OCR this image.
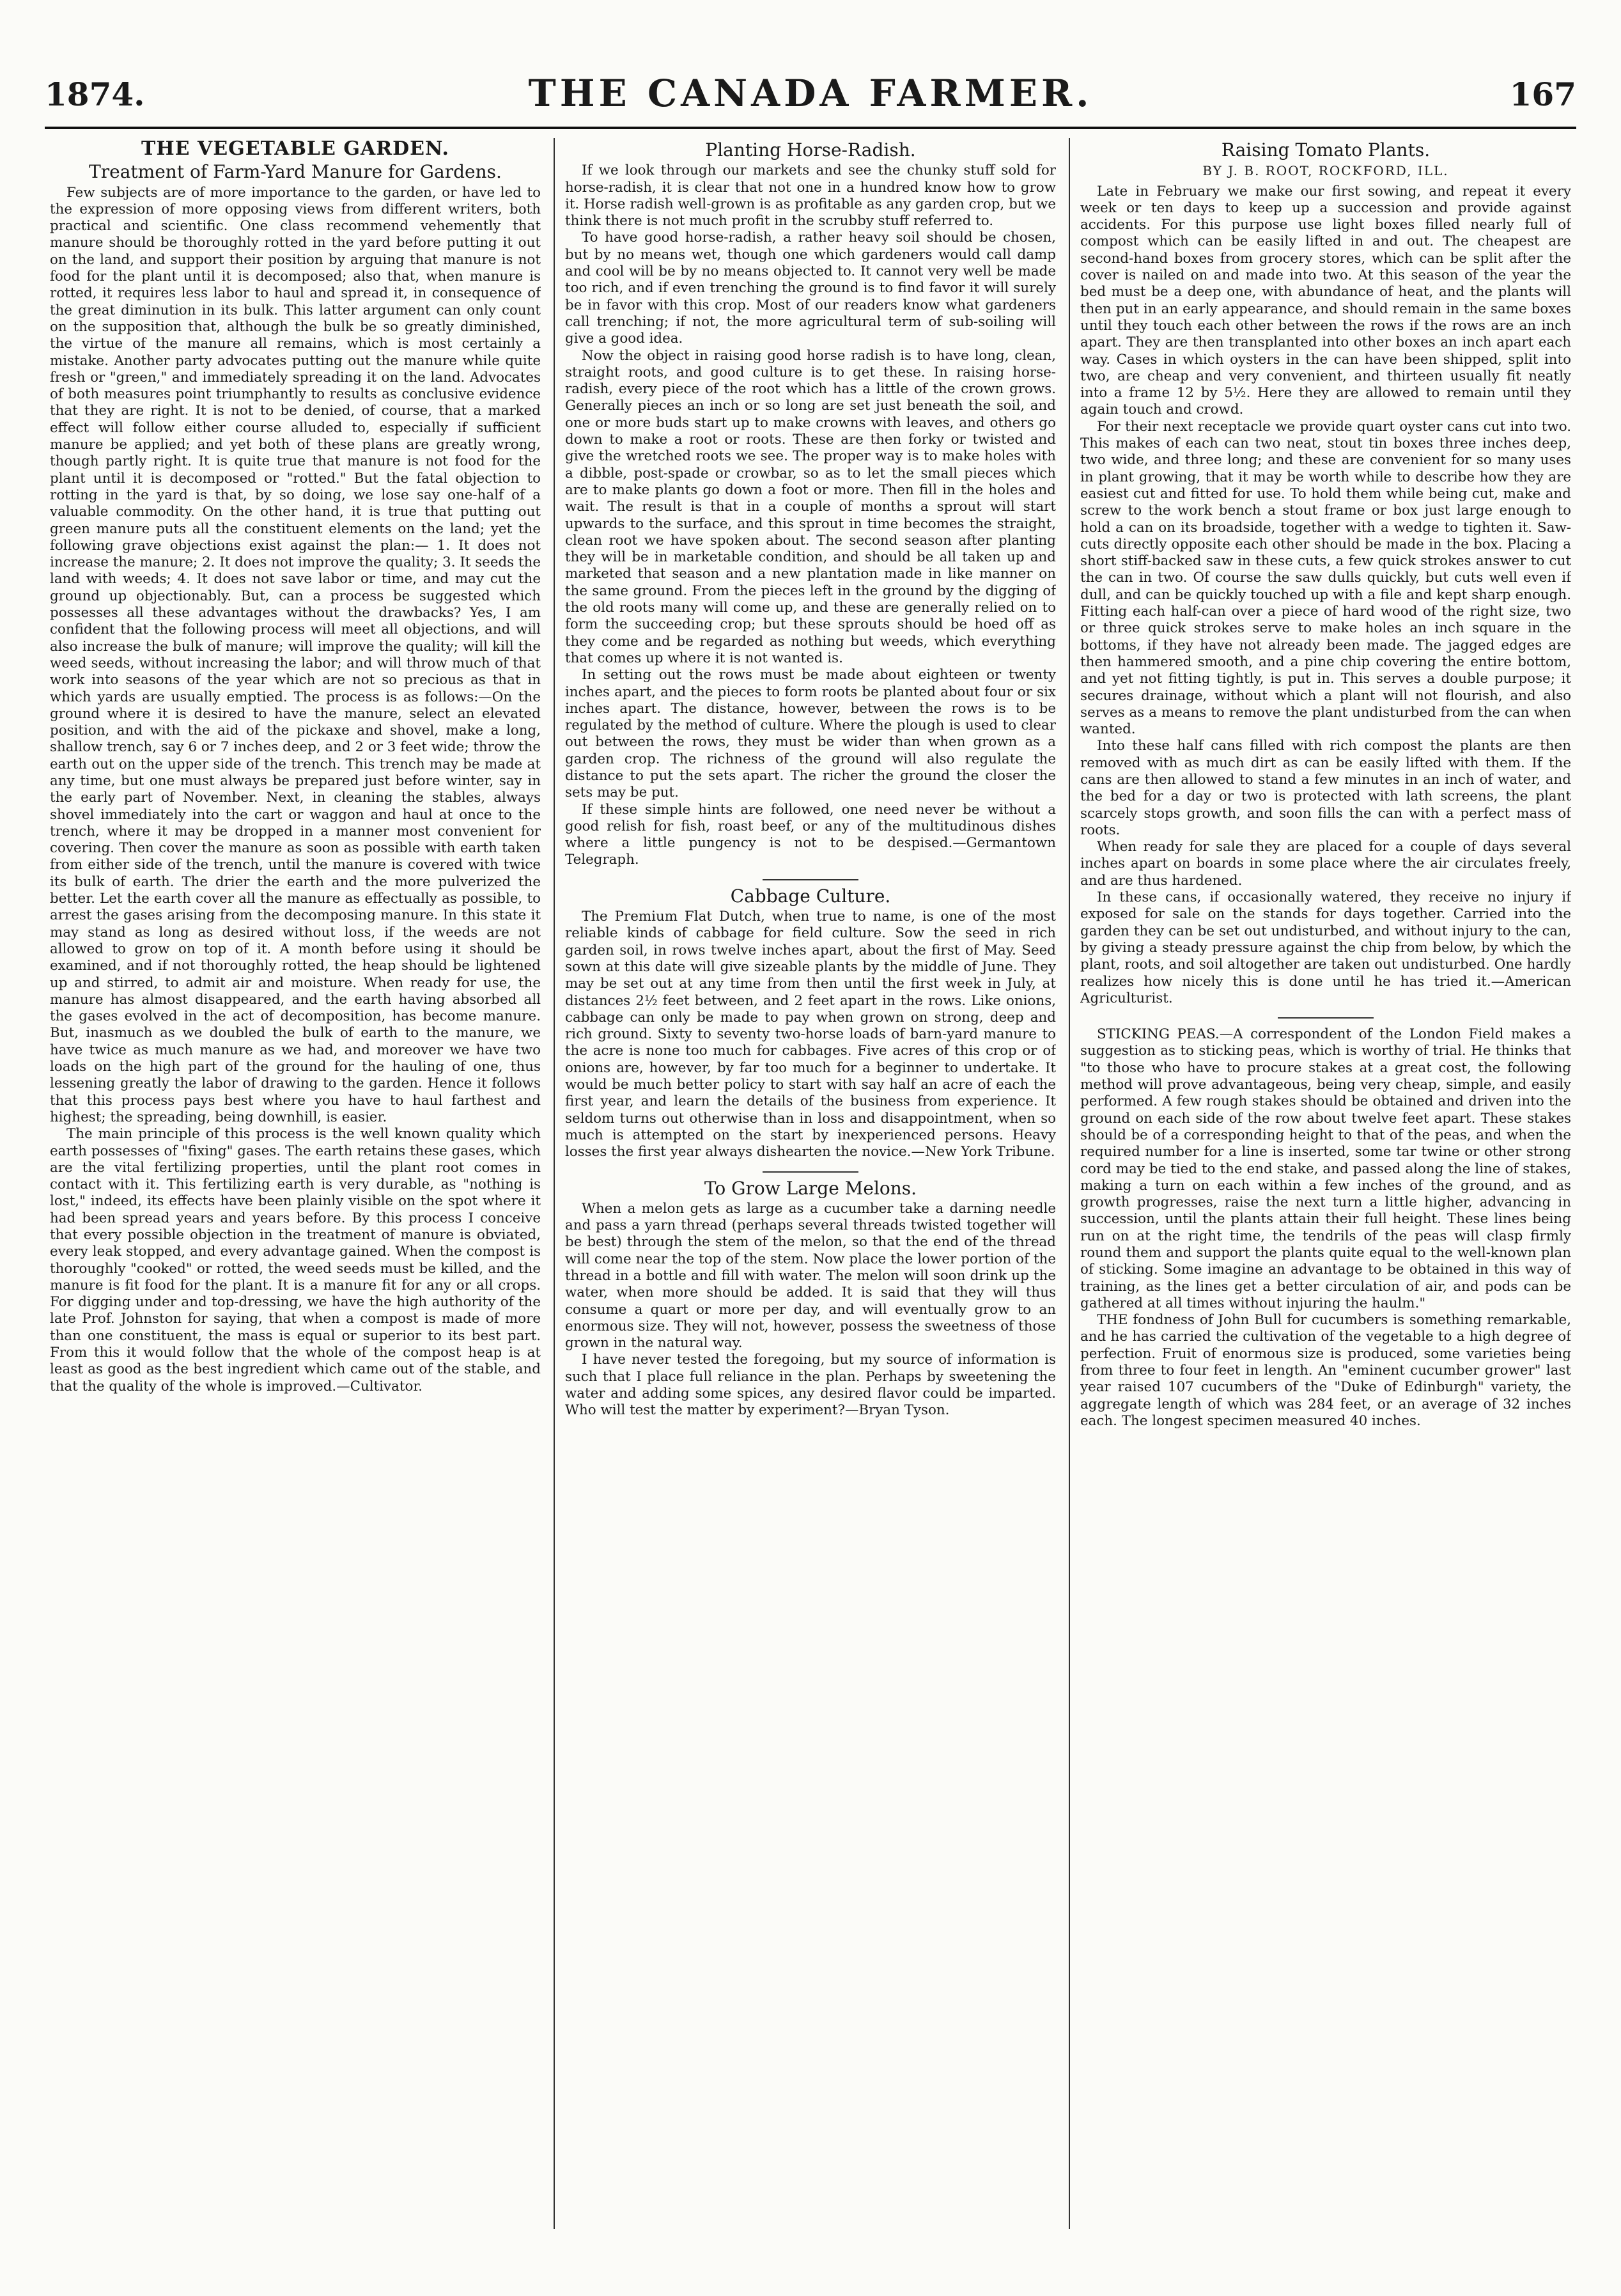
1874.	THE CANADA FARMER.	167
THE VEGETABLE GARDEN.
Treatment of Farm-Yard Manure for Gardens.

Few subjects are of more importance to the garden, or have led to the expression of more opposing views from different writers, both practical and scientific. One class recommend vehemently that manure should be thoroughly rotted in the yard before putting it out on the land, and support their position by arguing that manure is not food for the plant until it is decomposed; also that, when manure is rotted, it requires less labor to haul and spread it, in consequence of the great diminution in its bulk. This latter argument can only count on the supposition that, although the bulk be so greatly diminished, the virtue of the manure all remains, which is most certainly a mistake. Another party advocates putting out the manure while quite fresh or "green," and immediately spreading it on the land. Advocates of both measures point triumphantly to results as conclusive evidence that they are right. It is not to be denied, of course, that a marked effect will follow either course alluded to, especially if sufficient manure be applied; and yet both of these plans are greatly wrong, though partly right. It is quite true that manure is not food for the plant until it is decomposed or "rotted." But the fatal objection to rotting in the yard is that, by so doing, we lose say one-half of a valuable commodity. On the other hand, it is true that putting out green manure puts all the constituent elements on the land; yet the following grave objections exist against the plan:— 1. It does not increase the manure; 2. It does not improve the quality; 3. It seeds the land with weeds; 4. It does not save labor or time, and may cut the ground up objectionably. But, can a process be suggested which possesses all these advantages without the drawbacks? Yes, I am confident that the following process will meet all objections, and will also increase the bulk of manure; will improve the quality; will kill the weed seeds, without increasing the labor; and will throw much of that work into seasons of the year which are not so precious as that in which yards are usually emptied. The process is as follows:—On the ground where it is desired to have the manure, select an elevated position, and with the aid of the pickaxe and shovel, make a long, shallow trench, say 6 or 7 inches deep, and 2 or 3 feet wide; throw the earth out on the upper side of the trench. This trench may be made at any time, but one must always be prepared just before winter, say in the early part of November. Next, in cleaning the stables, always shovel immediately into the cart or waggon and haul at once to the trench, where it may be dropped in a manner most convenient for covering. Then cover the manure as soon as possible with earth taken from either side of the trench, until the manure is covered with twice its bulk of earth. The drier the earth and the more pulverized the better. Let the earth cover all the manure as effectually as possible, to arrest the gases arising from the decomposing manure. In this state it may stand as long as desired without loss, if the weeds are not allowed to grow on top of it. A month before using it should be examined, and if not thoroughly rotted, the heap should be lightened up and stirred, to admit air and moisture. When ready for use, the manure has almost disappeared, and the earth having absorbed all the gases evolved in the act of decomposition, has become manure. But, inasmuch as we doubled the bulk of earth to the manure, we have twice as much manure as we had, and moreover we have two loads on the high part of the ground for the hauling of one, thus lessening greatly the labor of drawing to the garden. Hence it follows that this process pays best where you have to haul farthest and highest; the spreading, being downhill, is easier.

The main principle of this process is the well known quality which earth possesses of "fixing" gases. The earth retains these gases, which are the vital fertilizing properties, until the plant root comes in contact with it. This fertilizing earth is very durable, as "nothing is lost," indeed, its effects have been plainly visible on the spot where it had been spread years and years before. By this process I conceive that every possible objection in the treatment of manure is obviated, every leak stopped, and every advantage gained. When the compost is thoroughly "cooked" or rotted, the weed seeds must be killed, and the manure is fit food for the plant. It is a manure fit for any or all crops. For digging under and top-dressing, we have the high authority of the late Prof. Johnston for saying, that when a compost is made of more than one constituent, the mass is equal or superior to its best part. From this it would follow that the whole of the compost heap is at least as good as the best ingredient which came out of the stable, and that the quality of the whole is improved.—Cultivator.

Planting Horse-Radish.

If we look through our markets and see the chunky stuff sold for horse-radish, it is clear that not one in a hundred know how to grow it. Horse radish well-grown is as profitable as any garden crop, but we think there is not much profit in the scrubby stuff referred to.

To have good horse-radish, a rather heavy soil should be chosen, but by no means wet, though one which gardeners would call damp and cool will be by no means objected to. It cannot very well be made too rich, and if even trenching the ground is to find favor it will surely be in favor with this crop. Most of our readers know what gardeners call trenching; if not, the more agricultural term of sub-soiling will give a good idea.

Now the object in raising good horse radish is to have long, clean, straight roots, and good culture is to get these. In raising horse-radish, every piece of the root which has a little of the crown grows. Generally pieces an inch or so long are set just beneath the soil, and one or more buds start up to make crowns with leaves, and others go down to make a root or roots. These are then forky or twisted and give the wretched roots we see. The proper way is to make holes with a dibble, post-spade or crowbar, so as to let the small pieces which are to make plants go down a foot or more. Then fill in the holes and wait. The result is that in a couple of months a sprout will start upwards to the surface, and this sprout in time becomes the straight, clean root we have spoken about. The second season after planting they will be in marketable condition, and should be all taken up and marketed that season and a new plantation made in like manner on the same ground. From the pieces left in the ground by the digging of the old roots many will come up, and these are generally relied on to form the succeeding crop; but these sprouts should be hoed off as they come and be regarded as nothing but weeds, which everything that comes up where it is not wanted is.

In setting out the rows must be made about eighteen or twenty inches apart, and the pieces to form roots be planted about four or six inches apart. The distance, however, between the rows is to be regulated by the method of culture. Where the plough is used to clear out between the rows, they must be wider than when grown as a garden crop. The richness of the ground will also regulate the distance to put the sets apart. The richer the ground the closer the sets may be put.

If these simple hints are followed, one need never be without a good relish for fish, roast beef, or any of the multitudinous dishes where a little pungency is not to be despised.—Germantown Telegraph.

Cabbage Culture.

The Premium Flat Dutch, when true to name, is one of the most reliable kinds of cabbage for field culture. Sow the seed in rich garden soil, in rows twelve inches apart, about the first of May. Seed sown at this date will give sizeable plants by the middle of June. They may be set out at any time from then until the first week in July, at distances 2½ feet between, and 2 feet apart in the rows. Like onions, cabbage can only be made to pay when grown on strong, deep and rich ground. Sixty to seventy two-horse loads of barn-yard manure to the acre is none too much for cabbages. Five acres of this crop or of onions are, however, by far too much for a beginner to undertake. It would be much better policy to start with say half an acre of each the first year, and learn the details of the business from experience. It seldom turns out otherwise than in loss and disappointment, when so much is attempted on the start by inexperienced persons. Heavy losses the first year always dishearten the novice.—New York Tribune.

To Grow Large Melons.

When a melon gets as large as a cucumber take a darning needle and pass a yarn thread (perhaps several threads twisted together will be best) through the stem of the melon, so that the end of the thread will come near the top of the stem. Now place the lower portion of the thread in a bottle and fill with water. The melon will soon drink up the water, when more should be added. It is said that they will thus consume a quart or more per day, and will eventually grow to an enormous size. They will not, however, possess the sweetness of those grown in the natural way.

I have never tested the foregoing, but my source of information is such that I place full reliance in the plan. Perhaps by sweetening the water and adding some spices, any desired flavor could be imparted. Who will test the matter by experiment?—Bryan Tyson.

Raising Tomato Plants.
BY J. B. ROOT, ROCKFORD, ILL.

Late in February we make our first sowing, and repeat it every week or ten days to keep up a succession and provide against accidents. For this purpose use light boxes filled nearly full of compost which can be easily lifted in and out. The cheapest are second-hand boxes from grocery stores, which can be split after the cover is nailed on and made into two. At this season of the year the bed must be a deep one, with abundance of heat, and the plants will then put in an early appearance, and should remain in the same boxes until they touch each other between the rows if the rows are an inch apart. They are then transplanted into other boxes an inch apart each way. Cases in which oysters in the can have been shipped, split into two, are cheap and very convenient, and thirteen usually fit neatly into a frame 12 by 5½. Here they are allowed to remain until they again touch and crowd.

For their next receptacle we provide quart oyster cans cut into two. This makes of each can two neat, stout tin boxes three inches deep, two wide, and three long; and these are convenient for so many uses in plant growing, that it may be worth while to describe how they are easiest cut and fitted for use. To hold them while being cut, make and screw to the work bench a stout frame or box just large enough to hold a can on its broadside, together with a wedge to tighten it. Saw-cuts directly opposite each other should be made in the box. Placing a short stiff-backed saw in these cuts, a few quick strokes answer to cut the can in two. Of course the saw dulls quickly, but cuts well even if dull, and can be quickly touched up with a file and kept sharp enough. Fitting each half-can over a piece of hard wood of the right size, two or three quick strokes serve to make holes an inch square in the bottoms, if they have not already been made. The jagged edges are then hammered smooth, and a pine chip covering the entire bottom, and yet not fitting tightly, is put in. This serves a double purpose; it secures drainage, without which a plant will not flourish, and also serves as a means to remove the plant undisturbed from the can when wanted.

Into these half cans filled with rich compost the plants are then removed with as much dirt as can be easily lifted with them. If the cans are then allowed to stand a few minutes in an inch of water, and the bed for a day or two is protected with lath screens, the plant scarcely stops growth, and soon fills the can with a perfect mass of roots.

When ready for sale they are placed for a couple of days several inches apart on boards in some place where the air circulates freely, and are thus hardened.

In these cans, if occasionally watered, they receive no injury if exposed for sale on the stands for days together. Carried into the garden they can be set out undisturbed, and without injury to the can, by giving a steady pressure against the chip from below, by which the plant, roots, and soil altogether are taken out undisturbed. One hardly realizes how nicely this is done until he has tried it.—American Agriculturist.

STICKING PEAS.—A correspondent of the London Field makes a suggestion as to sticking peas, which is worthy of trial. He thinks that "to those who have to procure stakes at a great cost, the following method will prove advantageous, being very cheap, simple, and easily performed. A few rough stakes should be obtained and driven into the ground on each side of the row about twelve feet apart. These stakes should be of a corresponding height to that of the peas, and when the required number for a line is inserted, some tar twine or other strong cord may be tied to the end stake, and passed along the line of stakes, making a turn on each within a few inches of the ground, and as growth progresses, raise the next turn a little higher, advancing in succession, until the plants attain their full height. These lines being run on at the right time, the tendrils of the peas will clasp firmly round them and support the plants quite equal to the well-known plan of sticking. Some imagine an advantage to be obtained in this way of training, as the lines get a better circulation of air, and pods can be gathered at all times without injuring the haulm."

THE fondness of John Bull for cucumbers is something remarkable, and he has carried the cultivation of the vegetable to a high degree of perfection. Fruit of enormous size is produced, some varieties being from three to four feet in length. An "eminent cucumber grower" last year raised 107 cucumbers of the "Duke of Edinburgh" variety, the aggregate length of which was 284 feet, or an average of 32 inches each. The longest specimen measured 40 inches.
